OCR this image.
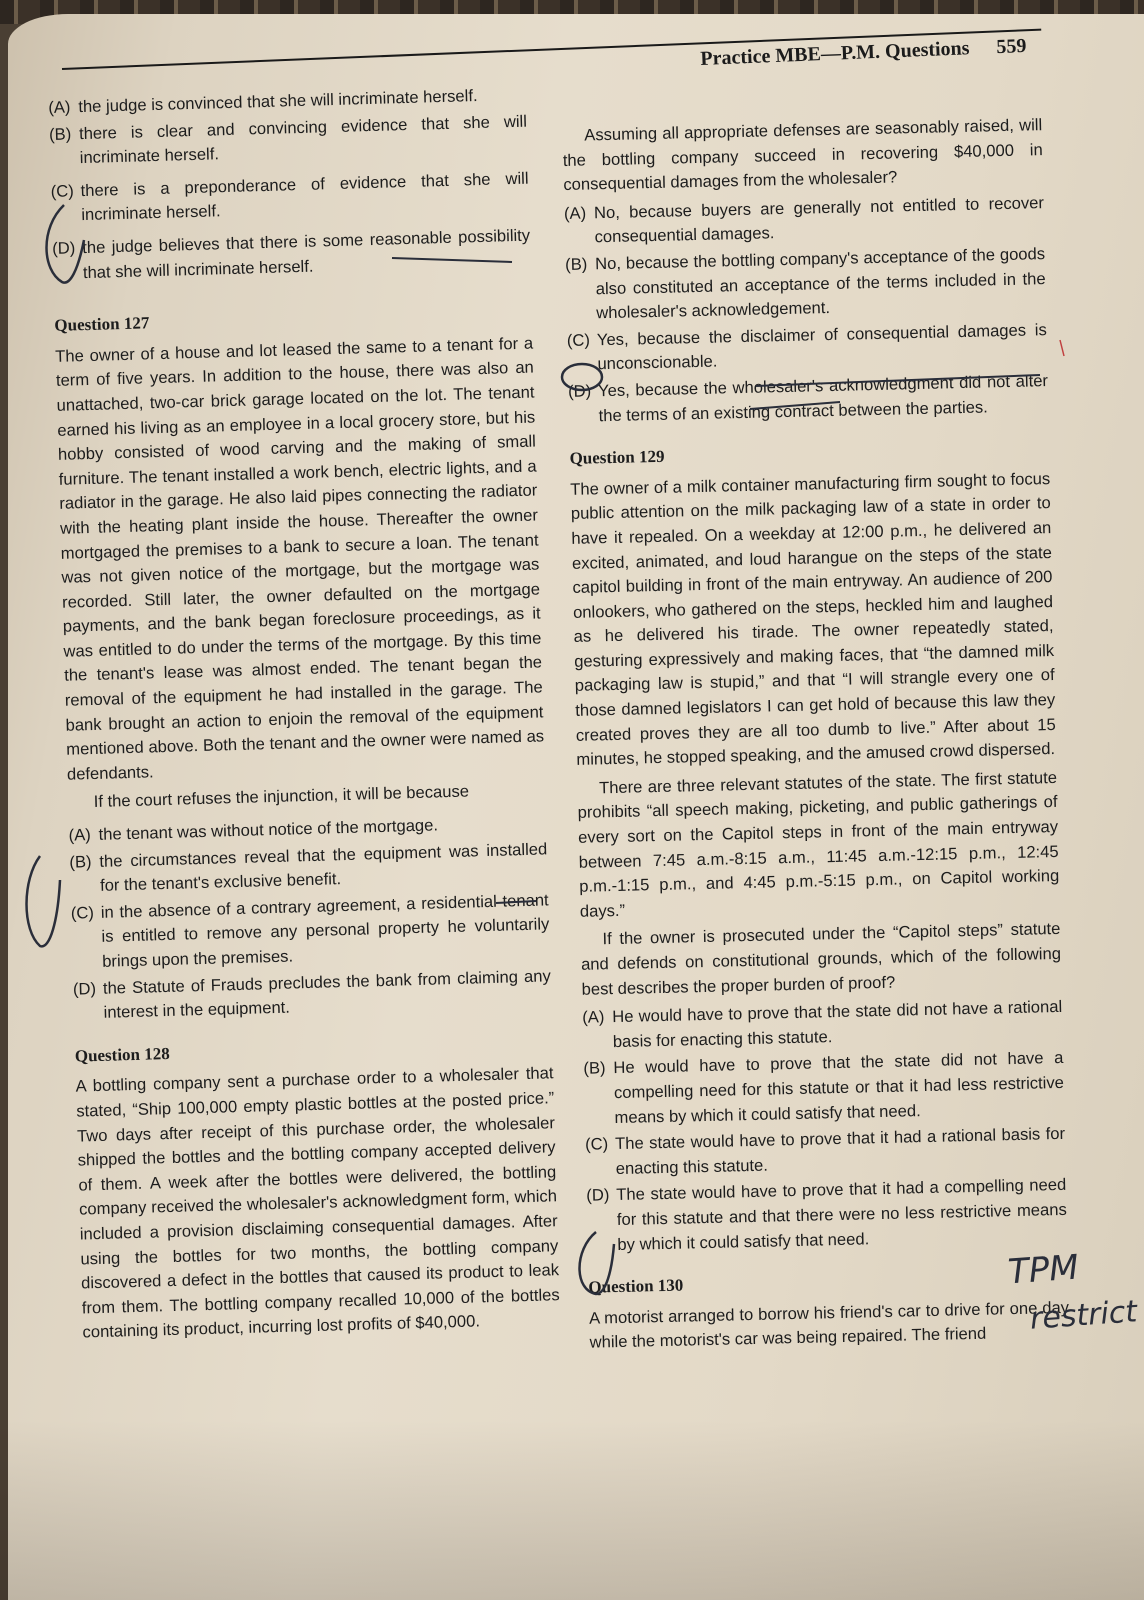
Practice MBE—P.M. Questions 559
(A) the judge is convinced that she will incriminate herself.
(B) there is clear and convincing evidence that she will incriminate herself.
(C) there is a preponderance of evidence that she will incriminate herself.
(D) the judge believes that there is some reasonable possibility that she will incriminate herself.
Question 127

The owner of a house and lot leased the same to a tenant for a term of five years. In addition to the house, there was also an unattached, two-car brick garage located on the lot. The tenant earned his living as an employee in a local grocery store, but his hobby consisted of wood carving and the making of small furniture. The tenant installed a work bench, electric lights, and a radiator in the garage. He also laid pipes connecting the radiator with the heating plant inside the house. Thereafter the owner mortgaged the premises to a bank to secure a loan. The tenant was not given notice of the mortgage, but the mortgage was recorded. Still later, the owner defaulted on the mortgage payments, and the bank began foreclosure proceedings, as it was entitled to do under the terms of the mortgage. By this time the tenant's lease was almost ended. The tenant began the removal of the equipment he had installed in the garage. The bank brought an action to enjoin the removal of the equipment mentioned above. Both the tenant and the owner were named as defendants.

If the court refuses the injunction, it will be because

(A) the tenant was without notice of the mortgage.
(B) the circumstances reveal that the equipment was installed for the tenant's exclusive benefit.
(C) in the absence of a contrary agreement, a residential tenant is entitled to remove any personal property he voluntarily brings upon the premises.
(D) the Statute of Frauds precludes the bank from claiming any interest in the equipment.
Question 128

A bottling company sent a purchase order to a wholesaler that stated, “Ship 100,000 empty plastic bottles at the posted price.” Two days after receipt of this purchase order, the wholesaler shipped the bottles and the bottling company accepted delivery of them. A week after the bottles were delivered, the bottling company received the wholesaler's acknowledgment form, which included a provision disclaiming consequential damages. After using the bottles for two months, the bottling company discovered a defect in the bottles that caused its product to leak from them. The bottling company recalled 10,000 of the bottles containing its product, incurring lost profits of $40,000.

Assuming all appropriate defenses are seasonably raised, will the bottling company succeed in recovering $40,000 in consequential damages from the wholesaler?

(A) No, because buyers are generally not entitled to recover consequential damages.
(B) No, because the bottling company's acceptance of the goods also constituted an acceptance of the terms included in the wholesaler's acknowledgement.
(C) Yes, because the disclaimer of consequential damages is unconscionable.
(D) Yes, because the wholesaler's acknowledgment did not alter the terms of an existing contract between the parties.
Question 129

The owner of a milk container manufacturing firm sought to focus public attention on the milk packaging law of a state in order to have it repealed. On a weekday at 12:00 p.m., he delivered an excited, animated, and loud harangue on the steps of the state capitol building in front of the main entryway. An audience of 200 onlookers, who gathered on the steps, heckled him and laughed as he delivered his tirade. The owner repeatedly stated, gesturing expressively and making faces, that “the damned milk packaging law is stupid,” and that “I will strangle every one of those damned legislators I can get hold of because this law they created proves they are all too dumb to live.” After about 15 minutes, he stopped speaking, and the amused crowd dispersed.

There are three relevant statutes of the state. The first statute prohibits “all speech making, picketing, and public gatherings of every sort on the Capitol steps in front of the main entryway between 7:45 a.m.-8:15 a.m., 11:45 a.m.-12:15 p.m., 12:45 p.m.-1:15 p.m., and 4:45 p.m.-5:15 p.m., on Capitol working days.”

If the owner is prosecuted under the “Capitol steps” statute and defends on constitutional grounds, which of the following best describes the proper burden of proof?

(A) He would have to prove that the state did not have a rational basis for enacting this statute.
(B) He would have to prove that the state did not have a compelling need for this statute or that it had less restrictive means by which it could satisfy that need.
(C) The state would have to prove that it had a rational basis for enacting this statute.
(D) The state would have to prove that it had a compelling need for this statute and that there were no less restrictive means by which it could satisfy that need.
Question 130

A motorist arranged to borrow his friend's car to drive for one day while the motorist's car was being repaired. The friend

TPM
restrict
